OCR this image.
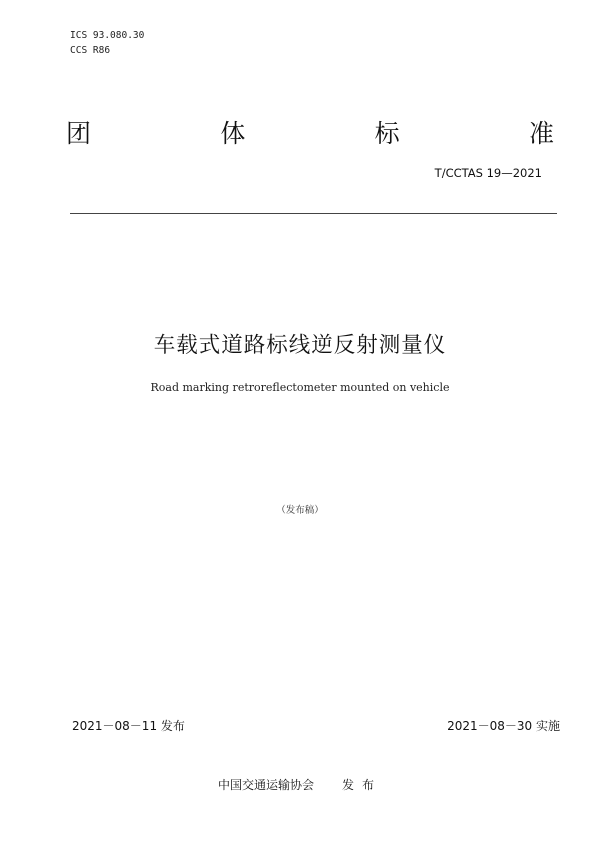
ICS 93.080.30
CCS R86
团	体	标	准
T/CCTAS 19—2021
车载式道路标线逆反射测量仪
Road marking retroreflectometer mounted on vehicle
（发布稿）
2021－08－11 发布	2021－08－30 实施
中国交通运输协会 发布
